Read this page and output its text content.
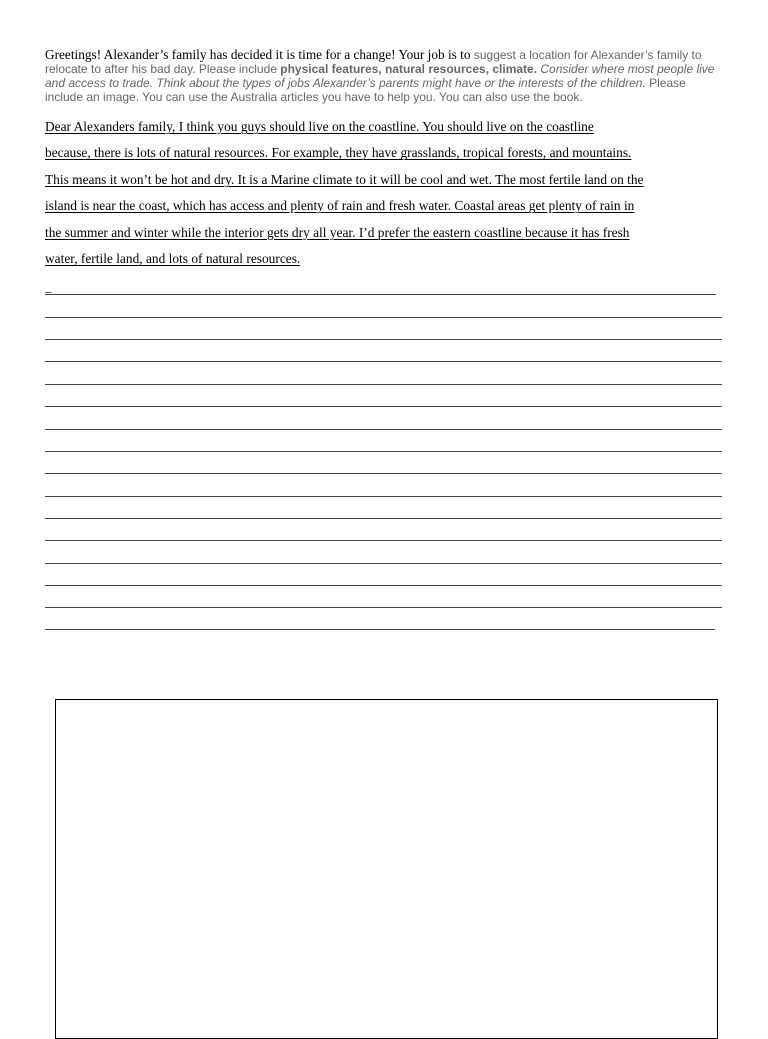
Greetings! Alexander’s family has decided it is time for a change! Your job is to suggest a location for Alexander’s family to relocate to after his bad day. Please include physical features, natural resources, climate. Consider where most people live and access to trade. Think about the types of jobs Alexander’s parents might have or the interests of the children. Please include an image. You can use the Australia articles you have to help you. You can also use the book.
Dear Alexanders family, I think you guys should live on the coastline. You should live on the coastline
because, there is lots of natural resources. For example, they have grasslands, tropical forests, and mountains.
This means it won’t be hot and dry. It is a Marine climate to it will be cool and wet. The most fertile land on the
island is near the coast, which has access and plenty of rain and fresh water. Coastal areas get plenty of rain in
the summer and winter while the interior gets dry all year. I’d prefer the eastern coastline because it has fresh
water, fertile land, and lots of natural resources.
_
